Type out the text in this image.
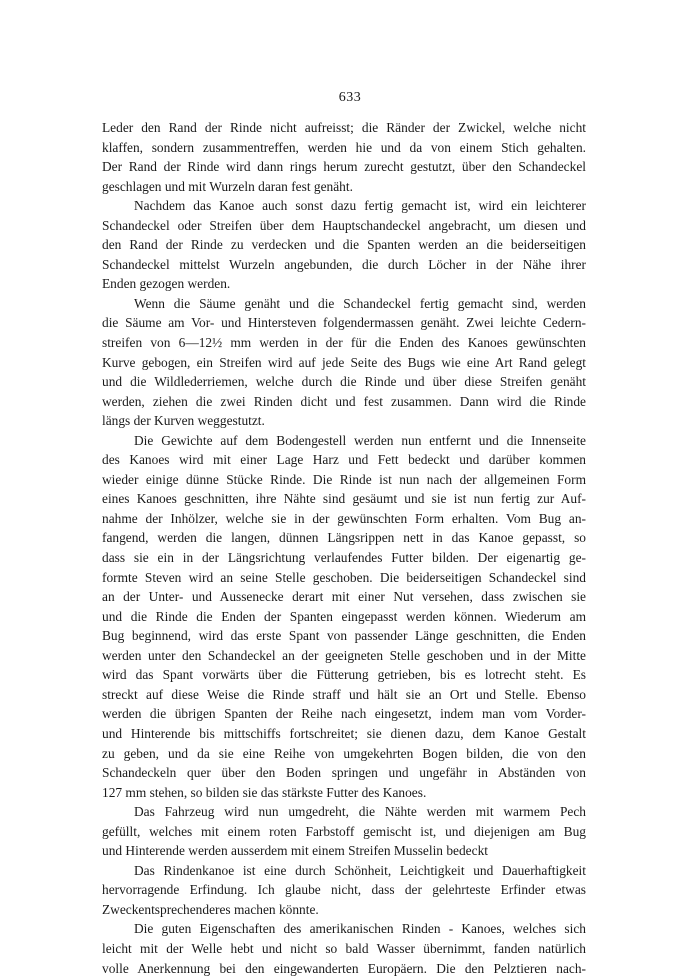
633
Leder den Rand der Rinde nicht aufreisst; die Ränder der Zwickel, welche nicht
klaffen, sondern zusammentreffen, werden hie und da von einem Stich gehalten.
Der Rand der Rinde wird dann rings herum zurecht gestutzt, über den Schandeckel
geschlagen und mit Wurzeln daran fest genäht.
Nachdem das Kanoe auch sonst dazu fertig gemacht ist, wird ein leichterer
Schandeckel oder Streifen über dem Hauptschandeckel angebracht, um diesen und
den Rand der Rinde zu verdecken und die Spanten werden an die beiderseitigen
Schandeckel mittelst Wurzeln angebunden, die durch Löcher in der Nähe ihrer
Enden gezogen werden.
Wenn die Säume genäht und die Schandeckel fertig gemacht sind, werden
die Säume am Vor- und Hintersteven folgendermassen genäht. Zwei leichte Cedern-
streifen von 6—12½ mm werden in der für die Enden des Kanoes gewünschten
Kurve gebogen, ein Streifen wird auf jede Seite des Bugs wie eine Art Rand gelegt
und die Wildlederriemen, welche durch die Rinde und über diese Streifen genäht
werden, ziehen die zwei Rinden dicht und fest zusammen. Dann wird die Rinde
längs der Kurven weggestutzt.
Die Gewichte auf dem Bodengestell werden nun entfernt und die Innenseite
des Kanoes wird mit einer Lage Harz und Fett bedeckt und darüber kommen
wieder einige dünne Stücke Rinde. Die Rinde ist nun nach der allgemeinen Form
eines Kanoes geschnitten, ihre Nähte sind gesäumt und sie ist nun fertig zur Auf-
nahme der Inhölzer, welche sie in der gewünschten Form erhalten. Vom Bug an-
fangend, werden die langen, dünnen Längsrippen nett in das Kanoe gepasst, so
dass sie ein in der Längsrichtung verlaufendes Futter bilden. Der eigenartig ge-
formte Steven wird an seine Stelle geschoben. Die beiderseitigen Schandeckel sind
an der Unter- und Aussenecke derart mit einer Nut versehen, dass zwischen sie
und die Rinde die Enden der Spanten eingepasst werden können. Wiederum am
Bug beginnend, wird das erste Spant von passender Länge geschnitten, die Enden
werden unter den Schandeckel an der geeigneten Stelle geschoben und in der Mitte
wird das Spant vorwärts über die Fütterung getrieben, bis es lotrecht steht. Es
streckt auf diese Weise die Rinde straff und hält sie an Ort und Stelle. Ebenso
werden die übrigen Spanten der Reihe nach eingesetzt, indem man vom Vorder-
und Hinterende bis mittschiffs fortschreitet; sie dienen dazu, dem Kanoe Gestalt
zu geben, und da sie eine Reihe von umgekehrten Bogen bilden, die von den
Schandeckeln quer über den Boden springen und ungefähr in Abständen von
127 mm stehen, so bilden sie das stärkste Futter des Kanoes.
Das Fahrzeug wird nun umgedreht, die Nähte werden mit warmem Pech
gefüllt, welches mit einem roten Farbstoff gemischt ist, und diejenigen am Bug
und Hinterende werden ausserdem mit einem Streifen Musselin bedeckt
Das Rindenkanoe ist eine durch Schönheit, Leichtigkeit und Dauerhaftigkeit
hervorragende Erfindung. Ich glaube nicht, dass der gelehrteste Erfinder etwas
Zweckentsprechenderes machen könnte.
Die guten Eigenschaften des amerikanischen Rinden - Kanoes, welches sich
leicht mit der Welle hebt und nicht so bald Wasser übernimmt, fanden natürlich
volle Anerkennung bei den eingewanderten Europäern. Die den Pelztieren nach-
